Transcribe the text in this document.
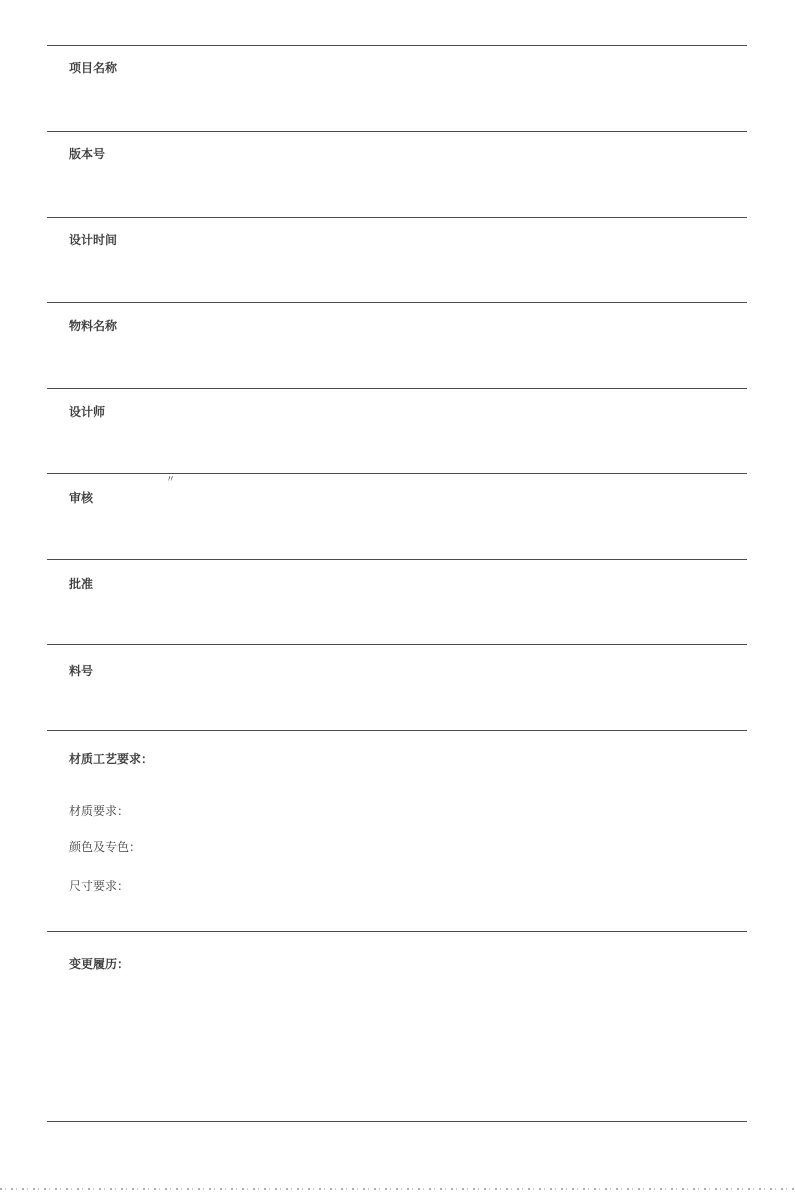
项目名称
版本号
设计时间
物料名称
设计师
〃
审核
批准
料号
材质工艺要求：
材质要求：
颜色及专色：
尺寸要求：
变更履历：
